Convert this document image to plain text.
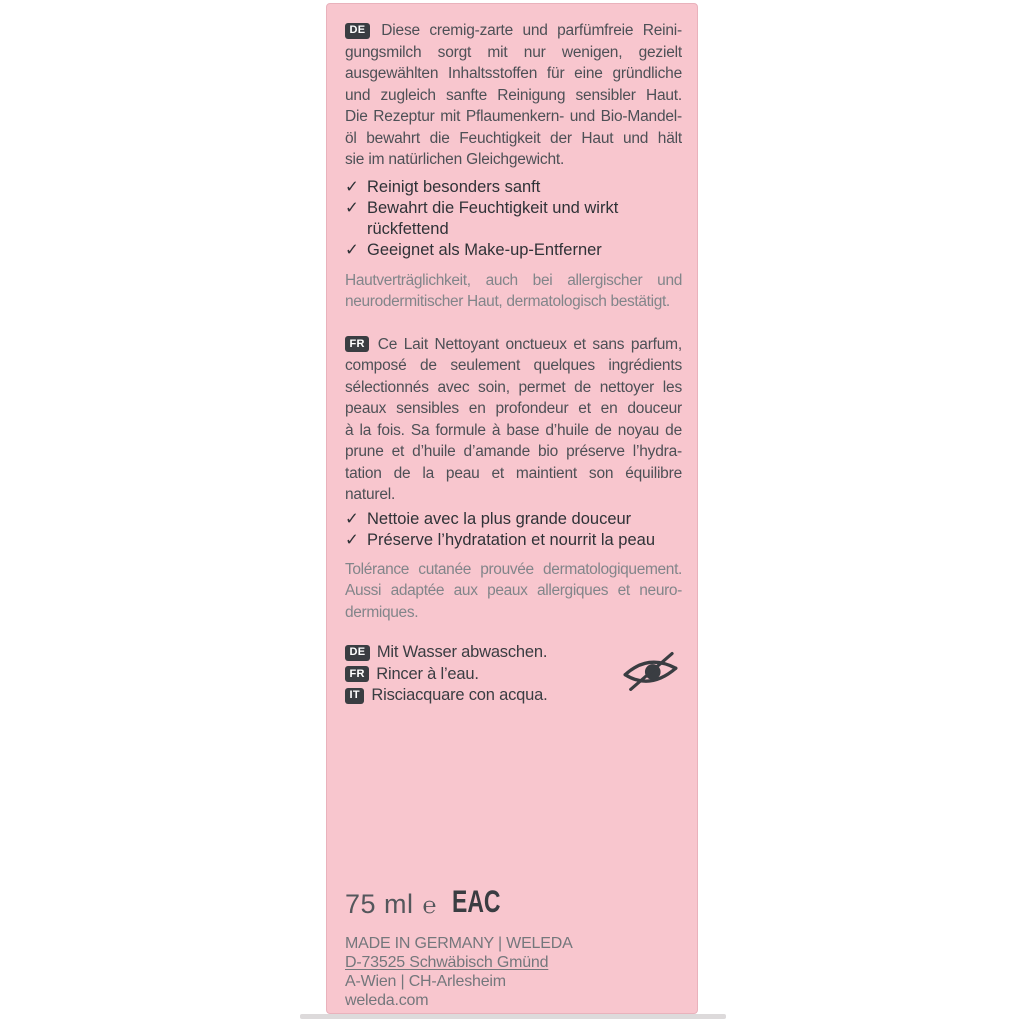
DE Diese cremig-zarte und parfümfreie Reini-
gungsmilch sorgt mit nur wenigen, gezielt
ausgewählten Inhaltsstoffen für eine gründliche
und zugleich sanfte Reinigung sensibler Haut.
Die Rezeptur mit Pflaumenkern- und Bio-Mandel-
öl bewahrt die Feuchtigkeit der Haut und hält
sie im natürlichen Gleichgewicht.
✓ Reinigt besonders sanft
✓ Bewahrt die Feuchtigkeit und wirkt
rückfettend
✓ Geeignet als Make-up-Entferner
Hautverträglichkeit, auch bei allergischer und
neurodermitischer Haut, dermatologisch bestätigt.
FR Ce Lait Nettoyant onctueux et sans parfum,
composé de seulement quelques ingrédients
sélectionnés avec soin, permet de nettoyer les
peaux sensibles en profondeur et en douceur
à la fois. Sa formule à base d’huile de noyau de
prune et d’huile d’amande bio préserve l’hydra-
tation de la peau et maintient son équilibre
naturel.
✓ Nettoie avec la plus grande douceur
✓ Préserve l’hydratation et nourrit la peau
Tolérance cutanée prouvée dermatologiquement.
Aussi adaptée aux peaux allergiques et neuro-
dermiques.
DE Mit Wasser abwaschen.
FR Rincer à l’eau.
IT Risciacquare con acqua.
75 ml ℮ EAC
MADE IN GERMANY | WELEDA
D-73525 Schwäbisch Gmünd
A-Wien | CH-Arlesheim
weleda.com
